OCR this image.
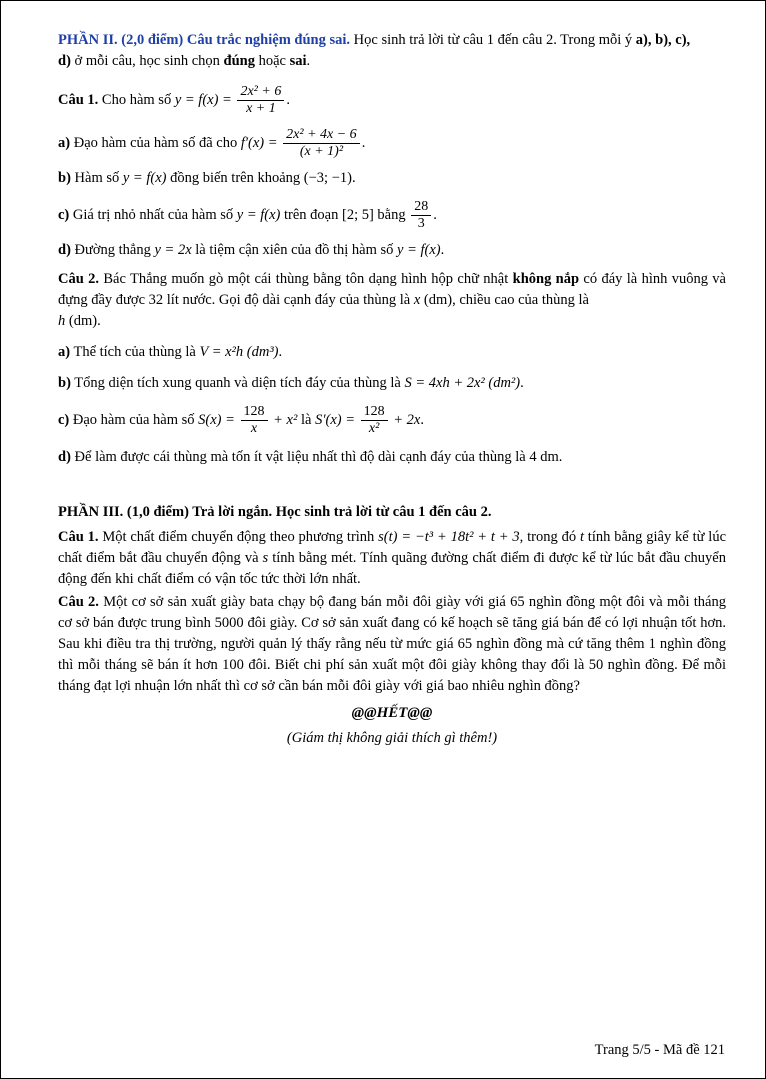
PHẦN II. (2,0 điểm) Câu trắc nghiệm đúng sai. Học sinh trả lời từ câu 1 đến câu 2. Trong mỗi ý a), b), c),
d) ở mỗi câu, học sinh chọn đúng hoặc sai.

Câu 1. Cho hàm số $y = f(x) = \frac{\text{2x² + 6}}{x + 1}$ .

a) Đạo hàm của hàm số đã cho $f'(x) = \frac{\text{2x² + 4x − 6}}{\text{(x + 1)²}}$ .

b) Hàm số y = f(x) đồng biến trên khoảng (−3; −1).

c) Giá trị nhỏ nhất của hàm số y = f(x) trên đoạn [2; 5] bằng $\frac{28}{3}$ .

d) Đường thẳng y = 2x là tiệm cận xiên của đồ thị hàm số y = f(x).

Câu 2. Bác Thắng muốn gò một cái thùng bằng tôn dạng hình hộp chữ nhật không nắp có đáy là hình vuông và đựng đầy được 32 lít nước. Gọi độ dài cạnh đáy của thùng là x (dm), chiều cao của thùng là
h (dm).

a) Thể tích của thùng là V = x²h (dm³).

b) Tổng diện tích xung quanh và diện tích đáy của thùng là S = 4xh + 2x² (dm²).

c) Đạo hàm của hàm số $S(x) = \frac{128}{x} + x^2$ là $S'(x) = \frac{128}{\text{x²}} + 2x$.

d) Để làm được cái thùng mà tốn ít vật liệu nhất thì độ dài cạnh đáy của thùng là 4 dm.

PHẦN III. (1,0 điểm) Trả lời ngắn. Học sinh trả lời từ câu 1 đến câu 2.

Câu 1. Một chất điểm chuyển động theo phương trình s(t) = −t³ + 18t² + t + 3, trong đó t tính bằng giây kể từ lúc chất điểm bắt đầu chuyển động và s tính bằng mét. Tính quãng đường chất điểm đi được kể từ lúc bắt đầu chuyển động đến khi chất điểm có vận tốc tức thời lớn nhất.

Câu 2. Một cơ sở sản xuất giày bata chạy bộ đang bán mỗi đôi giày với giá 65 nghìn đồng một đôi và mỗi tháng cơ sở bán được trung bình 5000 đôi giày. Cơ sở sản xuất đang có kế hoạch sẽ tăng giá bán để có lợi nhuận tốt hơn. Sau khi điều tra thị trường, người quản lý thấy rằng nếu từ mức giá 65 nghìn đồng mà cứ tăng thêm 1 nghìn đồng thì mỗi tháng sẽ bán ít hơn 100 đôi. Biết chi phí sản xuất một đôi giày không thay đổi là 50 nghìn đồng. Để mỗi tháng đạt lợi nhuận lớn nhất thì cơ sở cần bán mỗi đôi giày với giá bao nhiêu nghìn đồng?

@@HẾT@@

(Giám thị không giải thích gì thêm!)

Trang 5/5 - Mã đề 121
